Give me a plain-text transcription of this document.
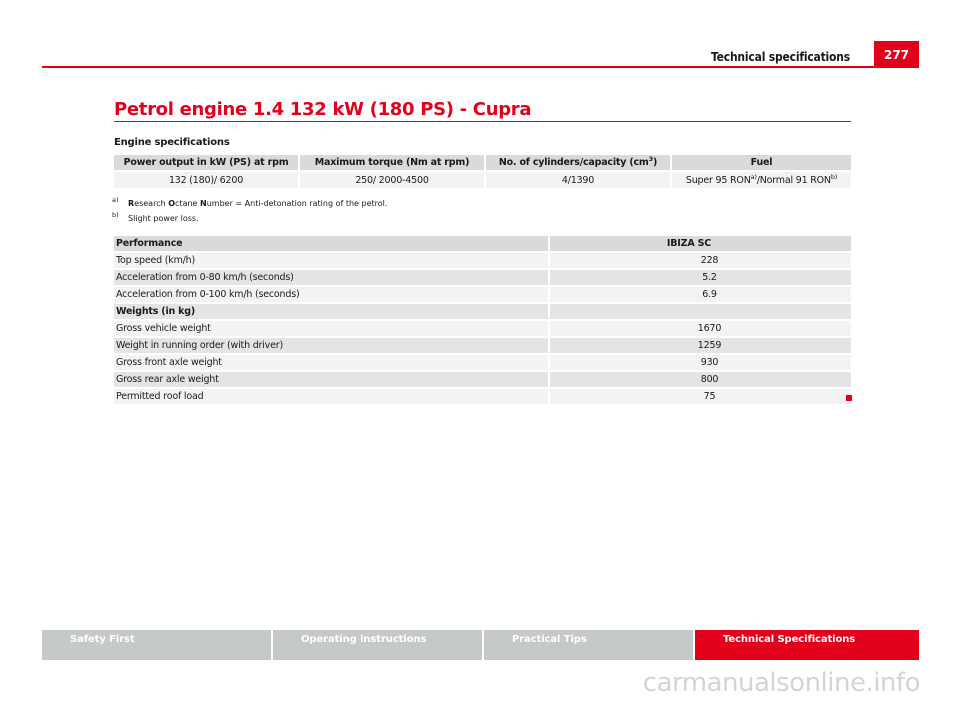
Technical specifications	277
Petrol engine 1.4 132 kW (180 PS) - Cupra
Engine specifications
Power output in kW (PS) at rpm	Maximum torque (Nm at rpm)	No. of cylinders/capacity $(cm^3)$	Fuel
132 (180)/ 6200	250/ 2000-4500	4/1390	Super 95 RON$^{a)}$/Normal 91 RON$^{b)}$
a) Research Octane Number = Anti-detonation rating of the petrol.
b) Slight power loss.
Performance	IBIZA SC
Top speed (km/h)	228
Acceleration from 0-80 km/h (seconds)	5.2
Acceleration from 0-100 km/h (seconds)	6.9
Weights (in kg)	
Gross vehicle weight	1670
Weight in running order (with driver)	1259
Gross front axle weight	930
Gross rear axle weight	800
Permitted roof load	75
Safety First	Operating instructions	Practical Tips	Technical Specifications
carmanualsonline.info
